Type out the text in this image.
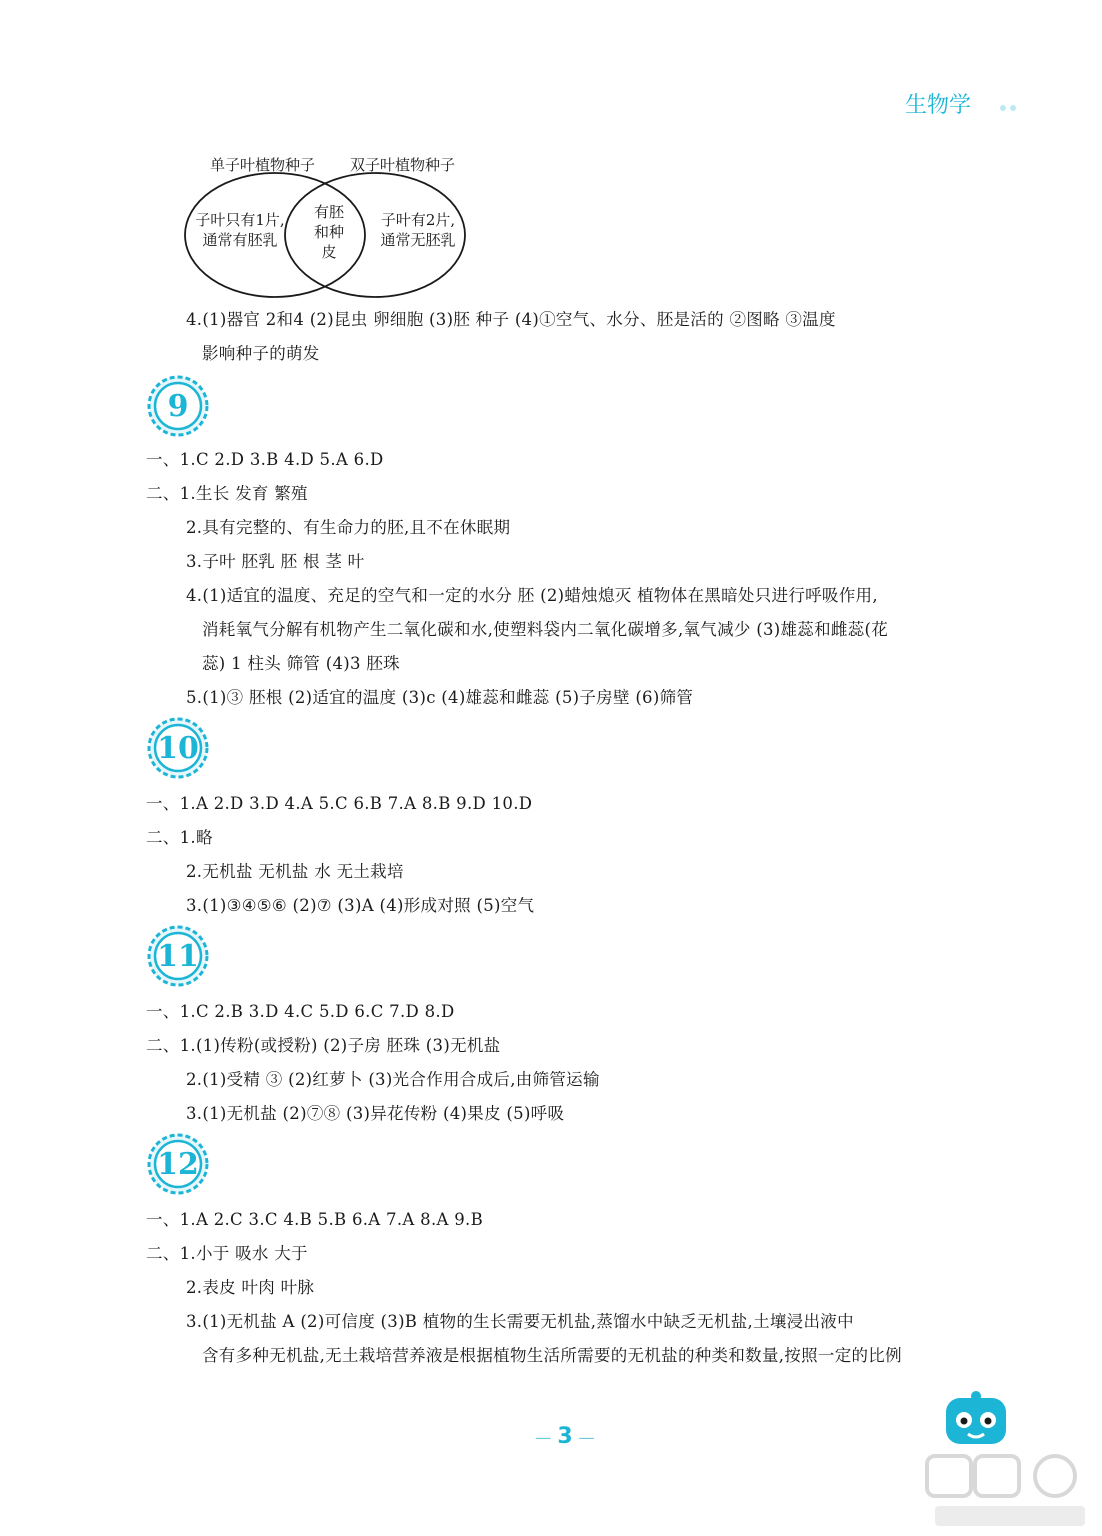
生物学
单子叶植物种子 双子叶植物种子
子叶只有1片,
通常有胚乳
有胚
和种
皮
子叶有2片,
通常无胚乳
4.(1)器官 2和4 (2)昆虫 卵细胞 (3)胚 种子 (4)①空气、水分、胚是活的 ②图略 ③温度
影响种子的萌发
9
一、1.C 2.D 3.B 4.D 5.A 6.D
二、1.生长 发育 繁殖
2.具有完整的、有生命力的胚,且不在休眠期
3.子叶 胚乳 胚 根 茎 叶
4.(1)适宜的温度、充足的空气和一定的水分 胚 (2)蜡烛熄灭 植物体在黑暗处只进行呼吸作用,
消耗氧气分解有机物产生二氧化碳和水,使塑料袋内二氧化碳增多,氧气减少 (3)雄蕊和雌蕊(花
蕊) 1 柱头 筛管 (4)3 胚珠
5.(1)③ 胚根 (2)适宜的温度 (3)c (4)雄蕊和雌蕊 (5)子房壁 (6)筛管
10
一、1.A 2.D 3.D 4.A 5.C 6.B 7.A 8.B 9.D 10.D
二、1.略
2.无机盐 无机盐 水 无土栽培
3.(1)③④⑤⑥ (2)⑦ (3)A (4)形成对照 (5)空气
11
一、1.C 2.B 3.D 4.C 5.D 6.C 7.D 8.D
二、1.(1)传粉(或授粉) (2)子房 胚珠 (3)无机盐
2.(1)受精 ③ (2)红萝卜 (3)光合作用合成后,由筛管运输
3.(1)无机盐 (2)⑦⑧ (3)异花传粉 (4)果皮 (5)呼吸
12
一、1.A 2.C 3.C 4.B 5.B 6.A 7.A 8.A 9.B
二、1.小于 吸水 大于
2.表皮 叶肉 叶脉
3.(1)无机盐 A (2)可信度 (3)B 植物的生长需要无机盐,蒸馏水中缺乏无机盐,土壤浸出液中
含有多种无机盐,无土栽培营养液是根据植物生活所需要的无机盐的种类和数量,按照一定的比例
— 3 —
